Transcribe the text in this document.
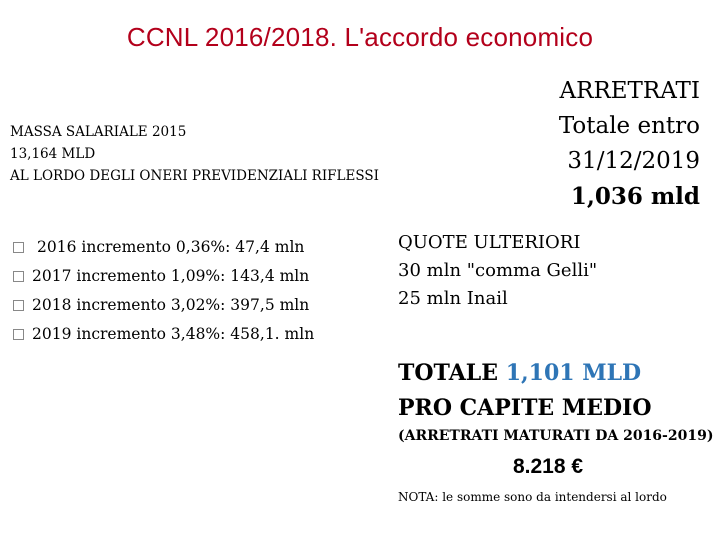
CCNL 2016/2018. L'accordo economico
MASSA SALARIALE 2015
13,164 MLD
AL LORDO DEGLI ONERI PREVIDENZIALI RIFLESSI
2016 incremento 0,36%: 47,4 mln
2017 incremento 1,09%: 143,4 mln
2018 incremento 3,02%: 397,5 mln
2019 incremento 3,48%: 458,1. mln
ARRETRATI
Totale entro
31/12/2019
1,036 mld
QUOTE ULTERIORI
30 mln "comma Gelli"
25 mln Inail
TOTALE 1,101 MLD
PRO CAPITE MEDIO
(ARRETRATI MATURATI DA 2016-2019)
8.218 €
NOTA: le somme sono da intendersi al lordo
